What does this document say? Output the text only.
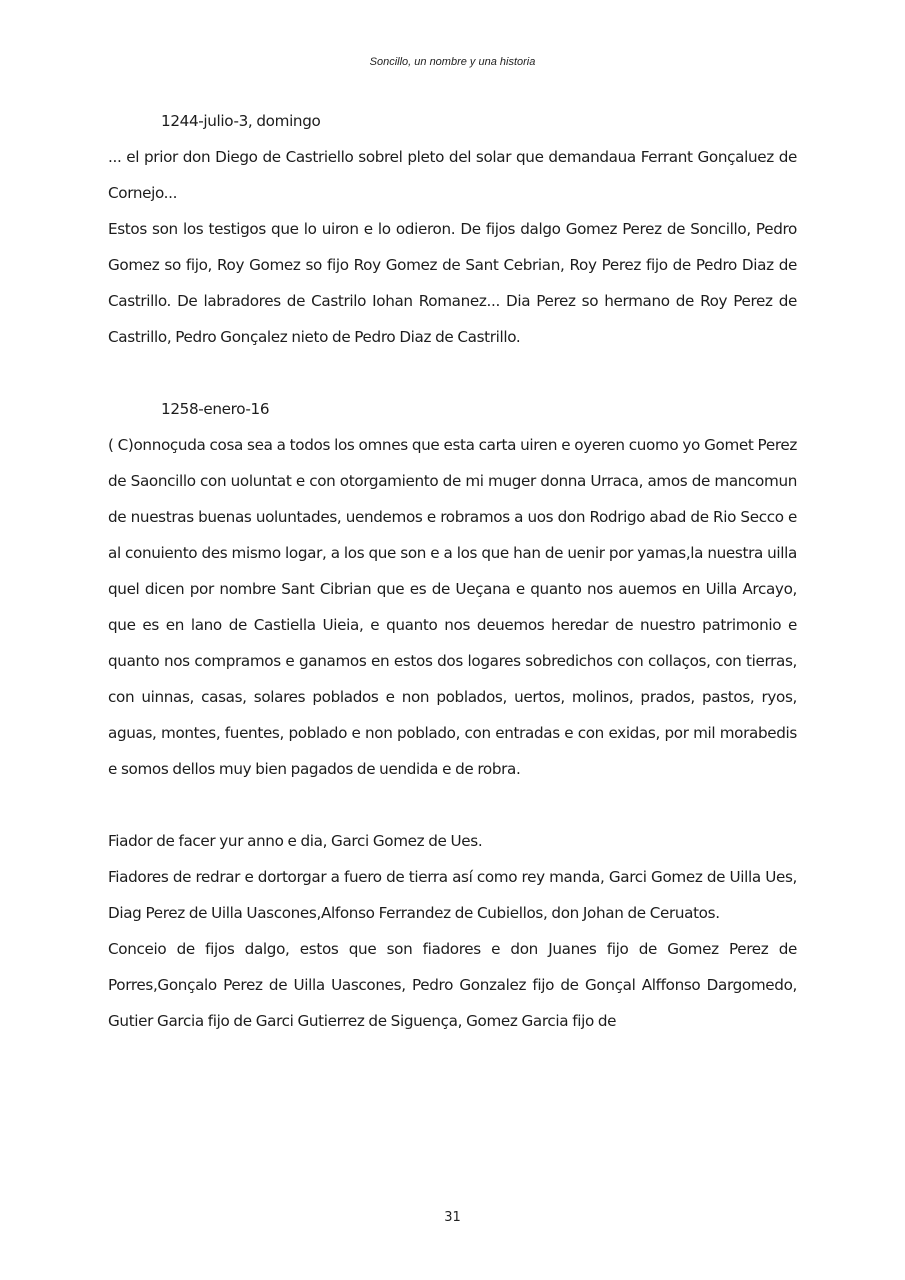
Soncillo, un nombre y una historia

1244-julio-3, domingo

... el prior don Diego de Castriello sobrel pleto del solar que demandaua Ferrant Gonçaluez de Cornejo...

Estos son los testigos que lo uiron e lo odieron. De fijos dalgo Gomez Perez de Soncillo, Pedro Gomez so fijo, Roy Gomez so fijo Roy Gomez de Sant Cebrian, Roy Perez fijo de Pedro Diaz de Castrillo. De labradores de Castrilo Iohan Romanez... Dia Perez so hermano de Roy Perez de Castrillo, Pedro Gonçalez nieto de Pedro Diaz de Castrillo.

1258-enero-16

( C)onnoçuda cosa sea a todos los omnes que esta carta uiren e oyeren cuomo yo Gomet Perez de Saoncillo con uoluntat e con otorgamiento de mi muger donna Urraca, amos de mancomun de nuestras buenas uoluntades, uendemos e robramos a uos don Rodrigo abad de Rio Secco e al conuiento des mismo logar, a los que son e a los que han de uenir por yamas,la nuestra uilla quel dicen por nombre Sant Cibrian que es de Ueçana e quanto nos auemos en Uilla Arcayo, que es en lano de Castiella Uieia, e quanto nos deuemos heredar de nuestro patrimonio e quanto nos compramos e ganamos en estos dos logares sobredichos con collaços, con tierras, con uinnas, casas, solares poblados e non poblados, uertos, molinos, prados, pastos, ryos, aguas, montes, fuentes, poblado e non poblado, con entradas e con exidas, por mil morabedis e somos dellos muy bien pagados de uendida e de robra.

Fiador de facer yur anno e dia, Garci Gomez de Ues.

Fiadores de redrar e dortorgar a fuero de tierra así como rey manda, Garci Gomez de Uilla Ues, Diag Perez de Uilla Uascones,Alfonso Ferrandez de Cubiellos, don Johan de Ceruatos.

Conceio de fijos dalgo, estos que son fiadores e don Juanes fijo de Gomez Perez de Porres,Gonçalo Perez de Uilla Uascones, Pedro Gonzalez fijo de Gonçal Alffonso Dargomedo, Gutier Garcia fijo de Garci Gutierrez de Siguença, Gomez Garcia fijo de

31
